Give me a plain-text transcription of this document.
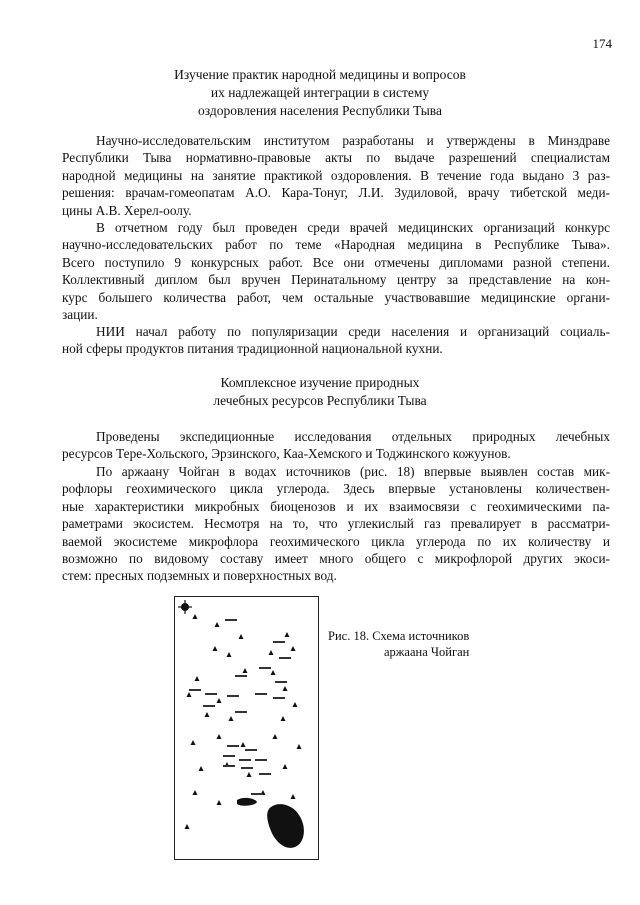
174
Изучение практик народной медицины и вопросов
их надлежащей интеграции в систему
оздоровления населения Республики Тыва
Научно-исследовательским институтом разработаны и утверждены в Минздраве
Республики Тыва нормативно-правовые акты по выдаче разрешений специалистам
народной медицины на занятие практикой оздоровления. В течение года выдано 3 раз-
решения: врачам-гомеопатам А.О. Кара-Тонуг, Л.И. Зудиловой, врачу тибетской меди-
цины А.В. Херел-оолу.
В отчетном году был проведен среди врачей медицинских организаций конкурс
научно-исследовательских работ по теме «Народная медицина в Республике Тыва».
Всего поступило 9 конкурсных работ. Все они отмечены дипломами разной степени.
Коллективный диплом был вручен Перинатальному центру за представление на кон-
курс большего количества работ, чем остальные участвовавшие медицинские органи-
зации.
НИИ начал работу по популяризации среди населения и организаций социаль-
ной сферы продуктов питания традиционной национальной кухни.
Комплексное изучение природных
лечебных ресурсов Республики Тыва
Проведены экспедиционные исследования отдельных природных лечебных
ресурсов Тере-Хольского, Эрзинского, Каа-Хемского и Тоджинского кожуунов.
По аржаану Чойган в водах источников (рис. 18) впервые выявлен состав мик-
рофлоры геохимического цикла углерода. Здесь впервые установлены количествен-
ные характеристики микробных биоценозов и их взаимосвязи с геохимическими па-
раметрами экосистем. Несмотря на то, что углекислый газ превалирует в рассматри-
ваемой экосистеме микрофлора геохимического цикла углерода по их количеству и
возможно по видовому составу имеет много общего с микрофлорой других экоси-
стем: пресных подземных и поверхностных вод.
Рис. 18. Схема источников
аржаана Чойган
